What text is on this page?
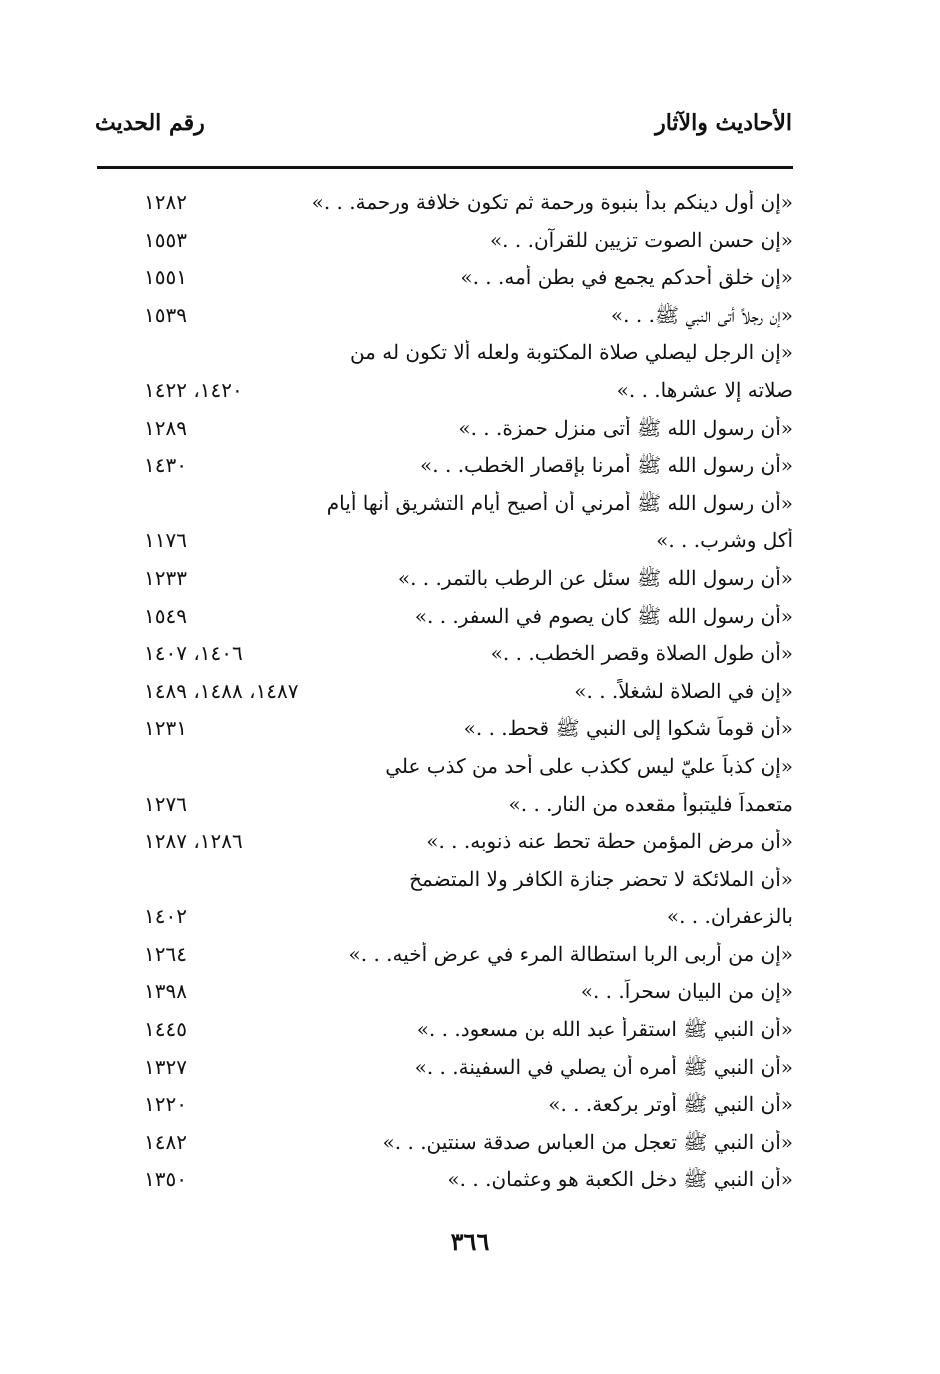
الأحاديث والآثار
رقم الحديث
«إن أول دينكم بدأ بنبوة ورحمة ثم تكون خلافة ورحمة. . .»
١٢٨٢
«إن حسن الصوت تزيين للقرآن. . .»
١٥٥٣
«إن خلق أحدكم يجمع في بطن أمه. . .»
١٥٥١
«إن رجلاً أتى النبي ﷺ. . .»
١٥٣٩
«إن الرجل ليصلي صلاة المكتوبة ولعله ألا تكون له من
صلاته إلا عشرها. . .»
١٤٢٠، ١٤٢٢
«أن رسول الله ﷺ أتى منزل حمزة. . .»
١٢٨٩
«أن رسول الله ﷺ أمرنا بإقصار الخطب. . .»
١٤٣٠
«أن رسول الله ﷺ أمرني أن أصيح أيام التشريق أنها أيام
أكل وشرب. . .»
١١٧٦
«أن رسول الله ﷺ سئل عن الرطب بالتمر. . .»
١٢٣٣
«أن رسول الله ﷺ كان يصوم في السفر. . .»
١٥٤٩
«أن طول الصلاة وقصر الخطب. . .»
١٤٠٦، ١٤٠٧
«إن في الصلاة لشغلاً. . .»
١٤٨٧، ١٤٨٨، ١٤٨٩
«أن قوماً شكوا إلى النبي ﷺ قحط. . .»
١٢٣١
«إن كذباً عليّ ليس ككذب على أحد من كذب علي
متعمداً فليتبوأ مقعده من النار. . .»
١٢٧٦
«أن مرض المؤمن حطة تحط عنه ذنوبه. . .»
١٢٨٦، ١٢٨٧
«أن الملائكة لا تحضر جنازة الكافر ولا المتضمخ
بالزعفران. . .»
١٤٠٢
«إن من أربى الربا استطالة المرء في عرض أخيه. . .»
١٢٦٤
«إن من البيان سحراً. . .»
١٣٩٨
«أن النبي ﷺ استقرأ عبد الله بن مسعود. . .»
١٤٤٥
«أن النبي ﷺ أمره أن يصلي في السفينة. . .»
١٣٢٧
«أن النبي ﷺ أوتر بركعة. . .»
١٢٢٠
«أن النبي ﷺ تعجل من العباس صدقة سنتين. . .»
١٤٨٢
«أن النبي ﷺ دخل الكعبة هو وعثمان. . .»
١٣٥٠
٣٦٦
